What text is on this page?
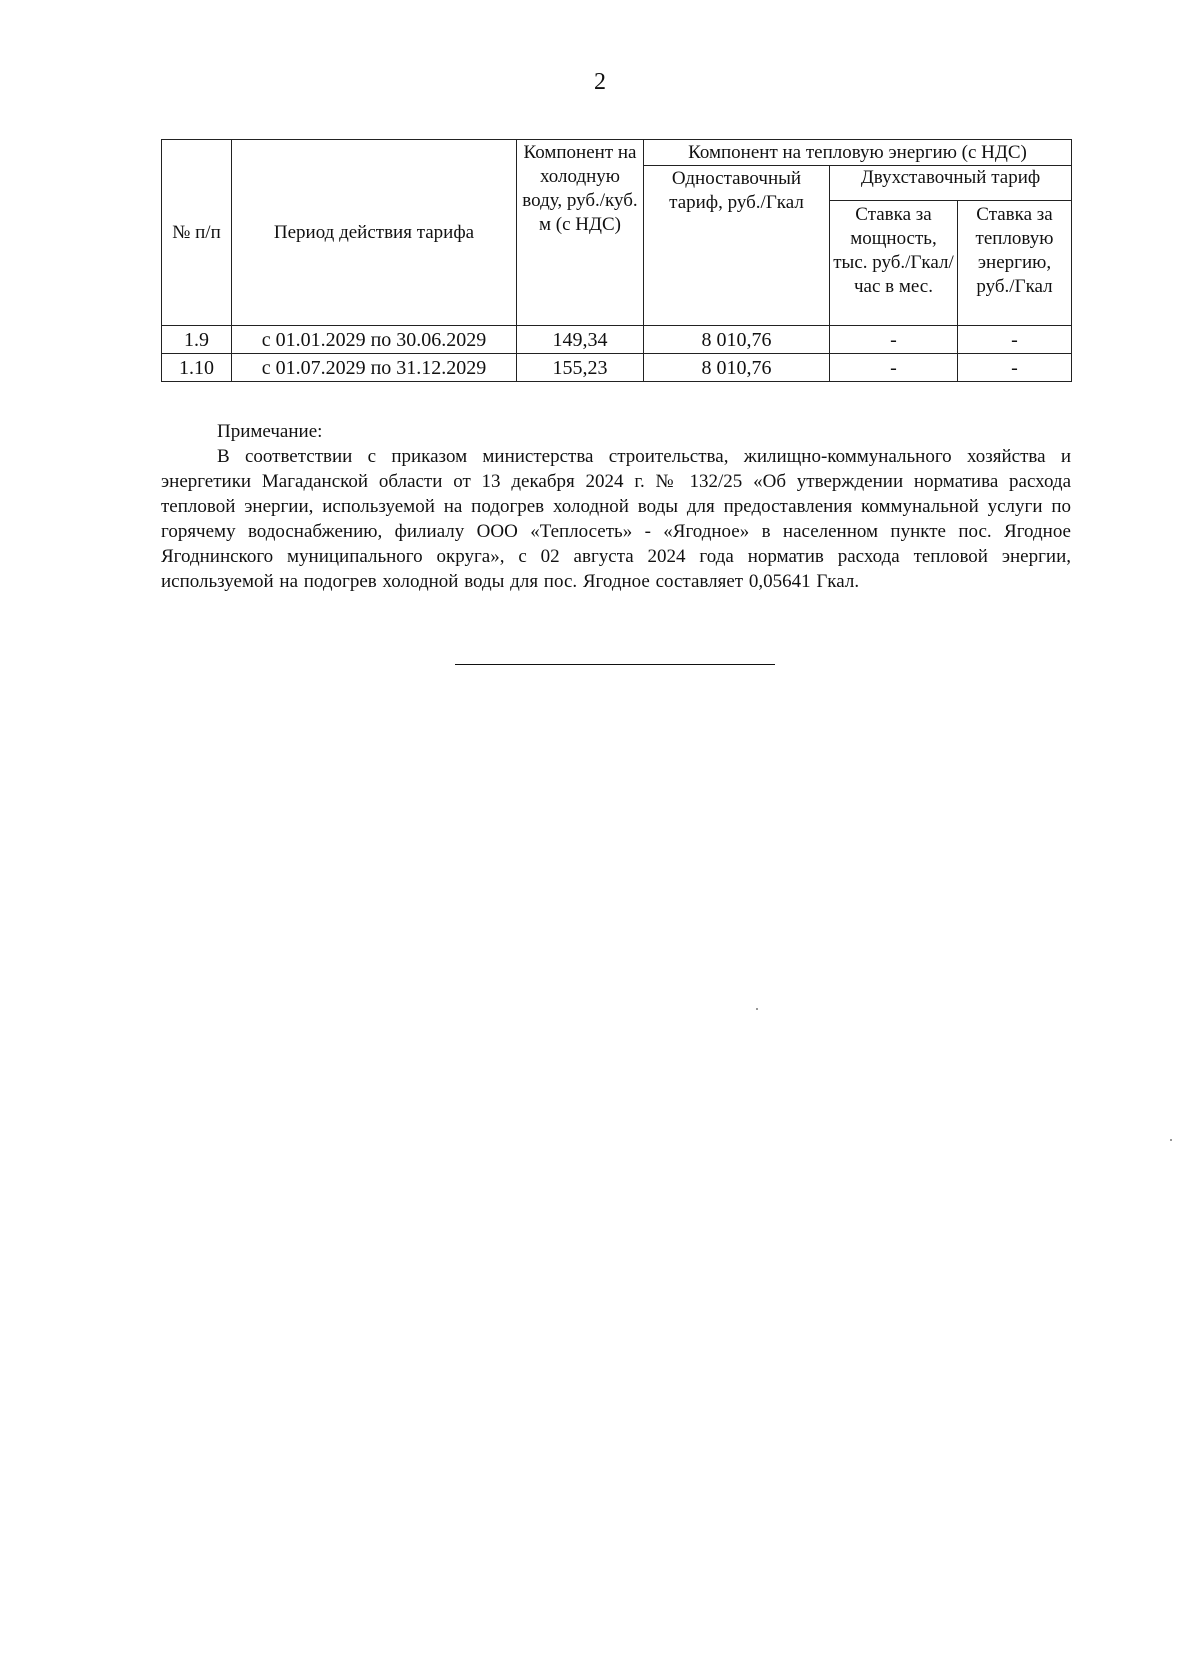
2
№ п/п	Период действия тарифа	Компонент на холодную воду, руб./куб. м (с НДС)	Компонент на тепловую энергию (с НДС)		
			Одноставочный тариф, руб./Гкал	Двухставочный тариф	
				Ставка за мощность, тыс. руб./Гкал/ час в мес.	Ставка за тепловую энергию, руб./Гкал
1.9	с 01.01.2029 по 30.06.2029	149,34	8 010,76	-	-
1.10	с 01.07.2029 по 31.12.2029	155,23	8 010,76	-	-

Примечание:

В соответствии с приказом министерства строительства, жилищно-коммунального хозяйства и энергетики Магаданской области от 13 декабря 2024 г. № 132/25 «Об утверждении норматива расхода тепловой энергии, используемой на подогрев холодной воды для предоставления коммунальной услуги по горячему водоснабжению, филиалу ООО «Теплосеть» - «Ягодное» в населенном пункте пос. Ягодное Ягоднинского муниципального округа», с 02 августа 2024 года норматив расхода тепловой энергии, используемой на подогрев холодной воды для пос. Ягодное составляет 0,05641 Гкал.
